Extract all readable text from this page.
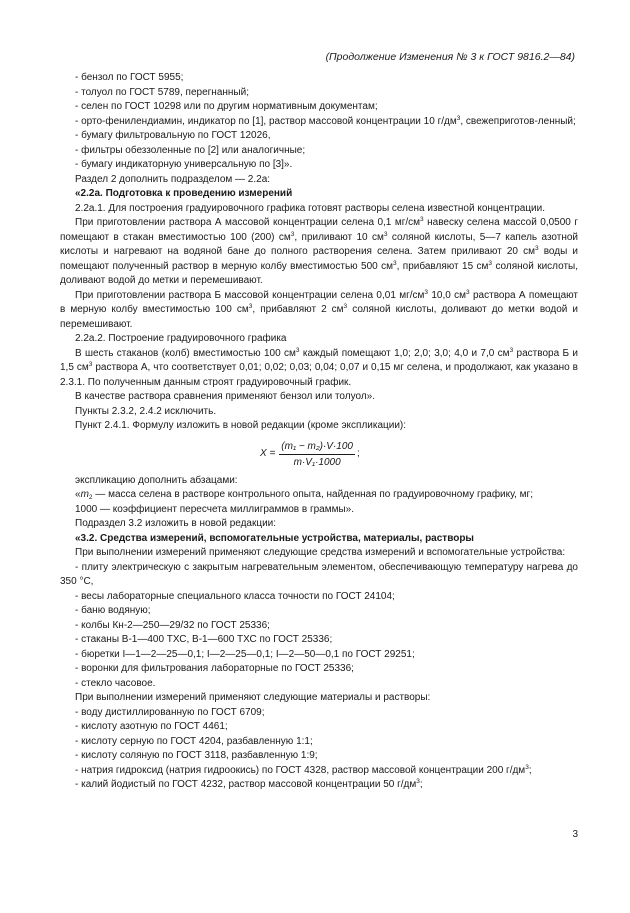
(Продолжение Изменения № 3 к ГОСТ 9816.2—84)

- бензол по ГОСТ 5955;

- толуол по ГОСТ 5789, перегнанный;

- селен по ГОСТ 10298 или по другим нормативным документам;

- орто-фенилендиамин, индикатор по [1], раствор массовой концентрации 10 $г/дм^3$, свежеприготов-ленный;

- бумагу фильтровальную по ГОСТ 12026,

- фильтры обеззоленные по [2] или аналогичные;

- бумагу индикаторную универсальную по [3]».

Раздел 2 дополнить подразделом — 2.2а:

«2.2а. Подготовка к проведению измерений

2.2а.1. Для построения градуировочного графика готовят растворы селена известной концентрации.

При приготовлении раствора А массовой концентрации селена 0,1 $мг/см^3$ навеску селена массой 0,0500 г помещают в стакан вместимостью 100 (200) $см^3$, приливают 10 $см^3$ соляной кислоты, 5—7 капель азотной кислоты и нагревают на водяной бане до полного растворения селена. Затем приливают 20 $см^3$ воды и помещают полученный раствор в мерную колбу вместимостью 500 $см^3$, прибавляют 15 $см^3$ соляной кислоты, доливают водой до метки и перемешивают.

При приготовлении раствора Б массовой концентрации селена 0,01 $мг/см^3$ 10,0 $см^3$ раствора А помещают в мерную колбу вместимостью 100 $см^3$, прибавляют 2 $см^3$ соляной кислоты, доливают до метки водой и перемешивают.

2.2а.2. Построение градуировочного графика

В шесть стаканов (колб) вместимостью 100 $см^3$ каждый помещают 1,0; 2,0; 3,0; 4,0 и 7,0 $см^3$ раствора Б и 1,5 $см^3$ раствора А, что соответствует 0,01; 0,02; 0,03; 0,04; 0,07 и 0,15 мг селена, и продолжают, как указано в 2.3.1. По полученным данным строят градуировочный график.

В качестве раствора сравнения применяют бензол или толуол».

Пункты 2.3.2, 2.4.2 исключить.

Пункт 2.4.1. Формулу изложить в новой редакции (кроме экспликации):

$X = \frac{\text{(m₁ − m₂)·V·100}}{\text{m·V₁·1000}}$ ;

экспликацию дополнить абзацами:

«$m_2$ — масса селена в растворе контрольного опыта, найденная по градуировочному графику, мг;

1000 — коэффициент пересчета миллиграммов в граммы».

Подраздел 3.2 изложить в новой редакции:

«3.2. Средства измерений, вспомогательные устройства, материалы, растворы

При выполнении измерений применяют следующие средства измерений и вспомогательные устройства:

- плиту электрическую с закрытым нагревательным элементом, обеспечивающую температуру нагрева до 350 °С,

- весы лабораторные специального класса точности по ГОСТ 24104;

- баню водяную;

- колбы Кн-2—250—29/32 по ГОСТ 25336;

- стаканы В-1—400 ТХС, В-1—600 ТХС по ГОСТ 25336;

- бюретки I—1—2—25—0,1; I—2—25—0,1; I—2—50—0,1 по ГОСТ 29251;

- воронки для фильтрования лабораторные по ГОСТ 25336;

- стекло часовое.

При выполнении измерений применяют следующие материалы и растворы:

- воду дистиллированную по ГОСТ 6709;

- кислоту азотную по ГОСТ 4461;

- кислоту серную по ГОСТ 4204, разбавленную 1:1;

- кислоту соляную по ГОСТ 3118, разбавленную 1:9;

- натрия гидроксид (натрия гидроокись) по ГОСТ 4328, раствор массовой концентрации 200 $г/дм^3$;

- калий йодистый по ГОСТ 4232, раствор массовой концентрации 50 $г/дм^3$;

3
